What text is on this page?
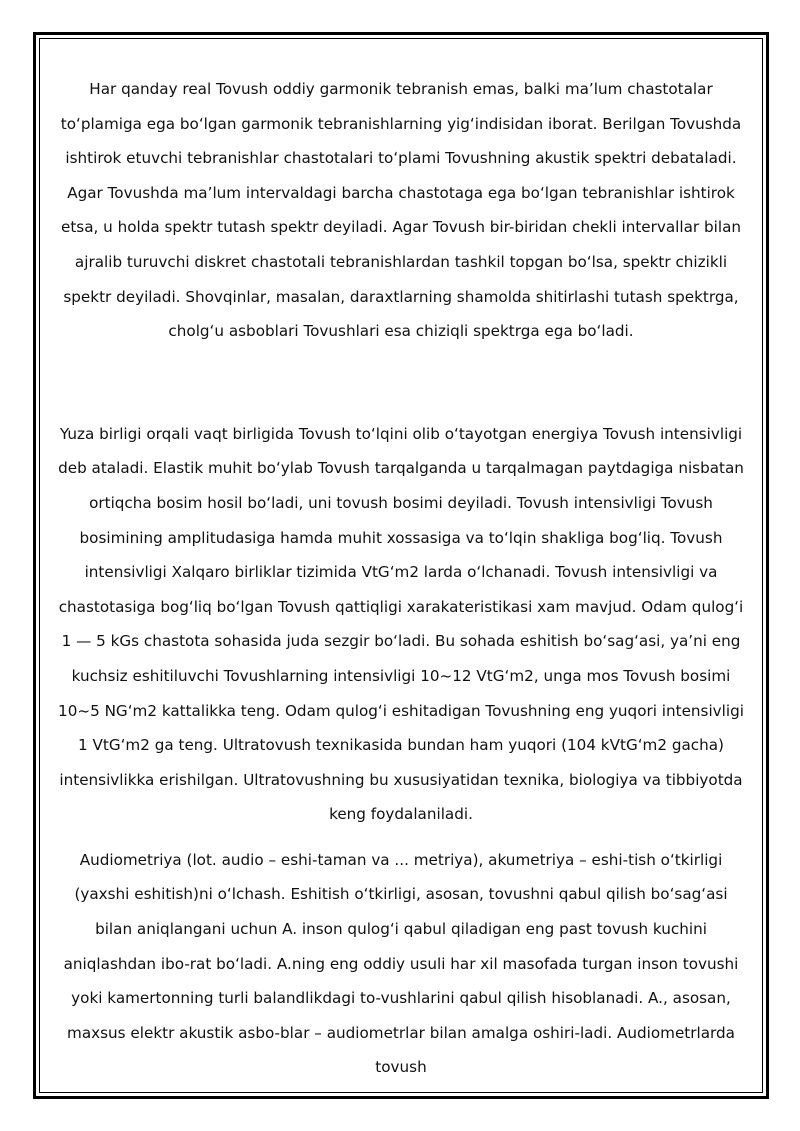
Har qanday real Tovush oddiy garmonik tebranish emas, balki maʼlum chastotalar toʻplamiga ega boʻlgan garmonik tebranishlarning yigʻindisidan iborat. Berilgan Tovushda ishtirok etuvchi tebranishlar chastotalari toʻplami Tovushning akustik spektri debataladi. Agar Tovushda maʼlum intervaldagi barcha chastotaga ega boʻlgan tebranishlar ishtirok etsa, u holda spektr tutash spektr deyiladi. Agar Tovush bir-biridan chekli intervallar bilan ajralib turuvchi diskret chastotali tebranishlardan tashkil topgan boʻlsa, spektr chizikli spektr deyiladi. Shovqinlar, masalan, daraxtlarning shamolda shitirlashi tutash spektrga, cholgʻu asboblari Tovushlari esa chiziqli spektrga ega boʻladi.

Yuza birligi orqali vaqt birligida Tovush toʻlqini olib oʻtayotgan energiya Tovush intensivligi deb ataladi. Elastik muhit boʻylab Tovush tarqalganda u tarqalmagan paytdagiga nisbatan ortiqcha bosim hosil boʻladi, uni tovush bosimi deyiladi. Tovush intensivligi Tovush bosimining amplitudasiga hamda muhit xossasiga va toʻlqin shakliga bogʻliq. Tovush intensivligi Xalqaro birliklar tizimida VtGʻm2 larda oʻlchanadi. Tovush intensivligi va chastotasiga bogʻliq boʻlgan Tovush qattiqligi xarakateristikasi xam mavjud. Odam qulogʻi 1 — 5 kGs chastota sohasida juda sezgir boʻladi. Bu sohada eshitish boʻsagʻasi, yaʼni eng kuchsiz eshitiluvchi Tovushlarning intensivligi 10~12 VtGʻm2, unga mos Tovush bosimi 10~5 NGʻm2 kattalikka teng. Odam qulogʻi eshitadigan Tovushning eng yuqori intensivligi 1 VtGʻm2 ga teng. Ultratovush texnikasida bundan ham yuqori (104 kVtGʻm2 gacha) intensivlikka erishilgan. Ultratovushning bu xususiyatidan texnika, biologiya va tibbiyotda keng foydalaniladi.

Audiometriya (lot. audio – eshi-taman va ... metriya), akumetriya – eshi-tish oʻtkirligi (yaxshi eshitish)ni oʻlchash. Eshitish oʻtkirligi, asosan, tovushni qabul qilish boʻsagʻasi bilan aniqlangani uchun A. inson qulogʻi qabul qiladigan eng past tovush kuchini aniqlashdan ibo-rat boʻladi. A.ning eng oddiy usuli har xil masofada turgan inson tovushi yoki kamertonning turli balandlikdagi to-vushlarini qabul qilish hisoblanadi. A., asosan, maxsus elektr akustik asbo-blar – audiometrlar bilan amalga oshiri-ladi. Audiometrlarda tovush
